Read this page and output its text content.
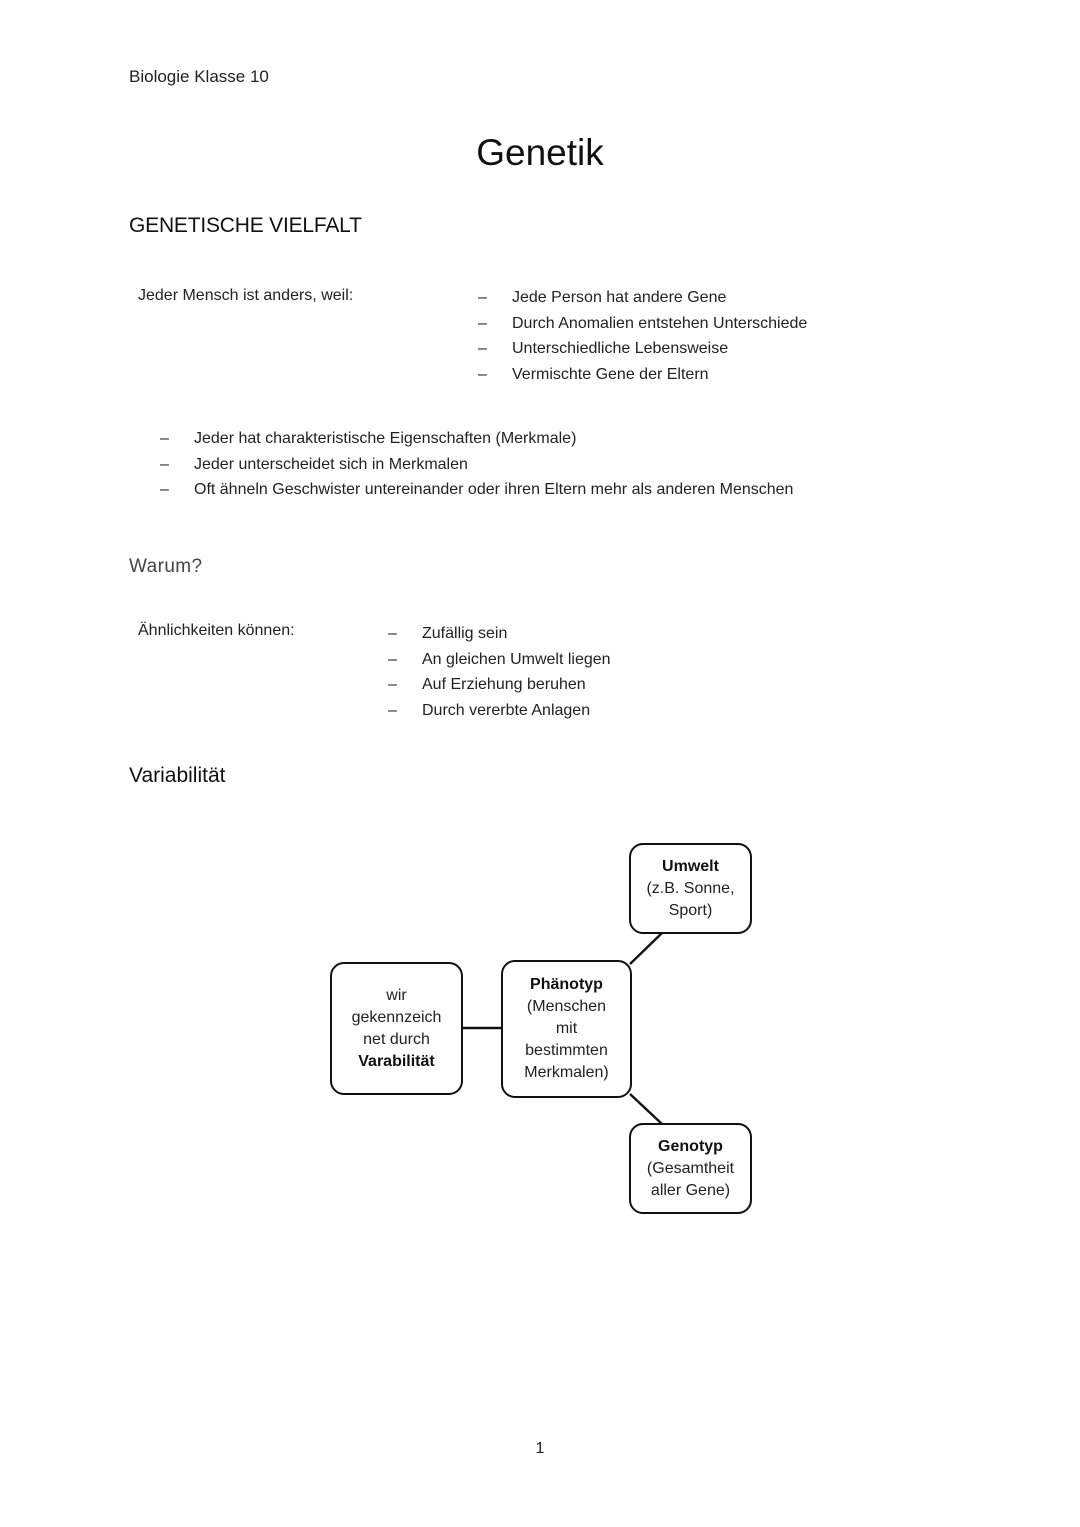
Biologie Klasse 10
Genetik
GENETISCHE VIELFALT
Jeder Mensch ist anders, weil:	– Jede Person hat andere Gene
– Durch Anomalien entstehen Unterschiede
– Unterschiedliche Lebensweise
– Vermischte Gene der Eltern
– Jeder hat charakteristische Eigenschaften (Merkmale)
– Jeder unterscheidet sich in Merkmalen
– Oft ähneln Geschwister untereinander oder ihren Eltern mehr als anderen Menschen
Warum?
Ähnlichkeiten können:	– Zufällig sein
– An gleichen Umwelt liegen
– Auf Erziehung beruhen
– Durch vererbte Anlagen
Variabilität
wir
gekennzeich
net durch
Varabilität
Phänotyp
(Menschen
mit
bestimmten
Merkmalen)
Umwelt
(z.B. Sonne,
Sport)
Genotyp
(Gesamtheit
aller Gene)
1
